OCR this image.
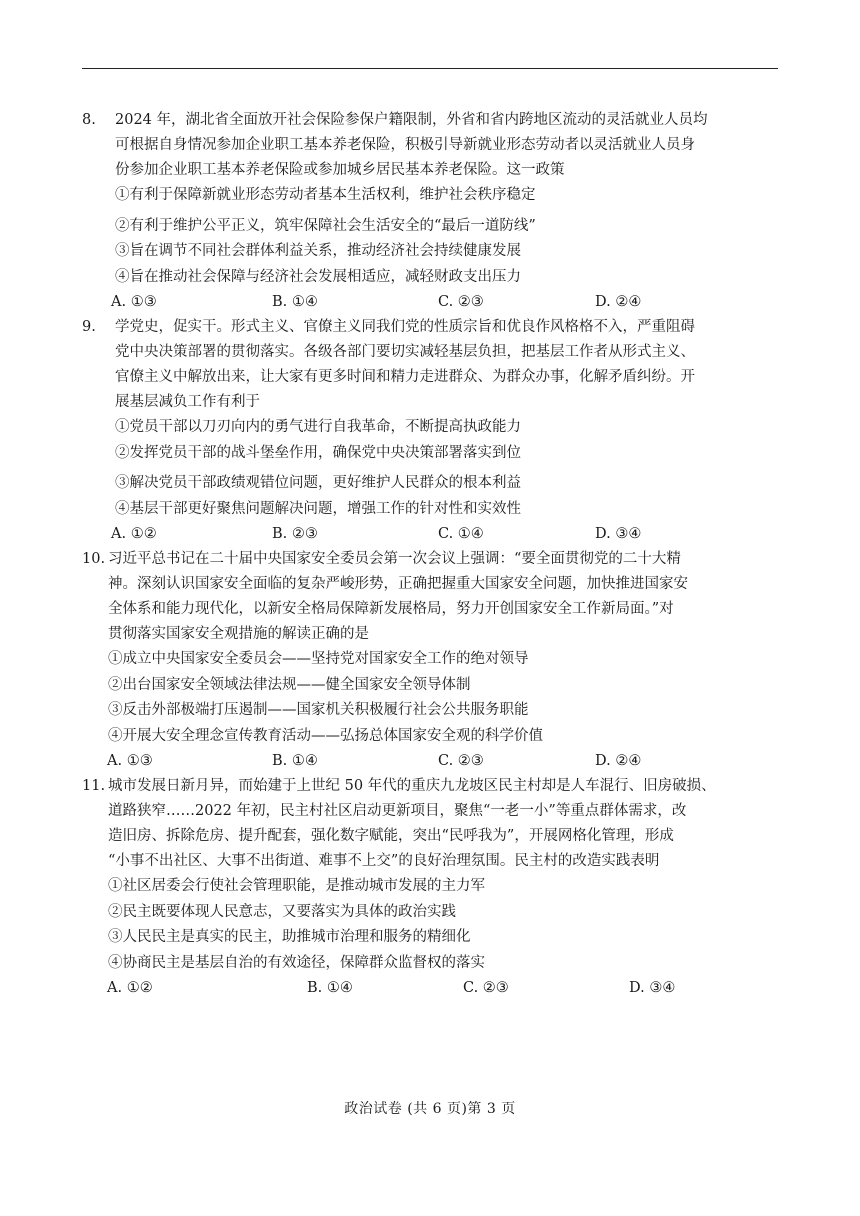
8. 2024 年，湖北省全面放开社会保险参保户籍限制，外省和省内跨地区流动的灵活就业人员均

可根据自身情况参加企业职工基本养老保险，积极引导新就业形态劳动者以灵活就业人员身

份参加企业职工基本养老保险或参加城乡居民基本养老保险。这一政策

①有利于保障新就业形态劳动者基本生活权利，维护社会秩序稳定

②有利于维护公平正义，筑牢保障社会生活安全的“最后一道防线”

③旨在调节不同社会群体利益关系，推动经济社会持续健康发展

④旨在推动社会保障与经济社会发展相适应，减轻财政支出压力

A. ①③	B. ①④	C. ②③	D. ②④
9. 学党史，促实干。形式主义、官僚主义同我们党的性质宗旨和优良作风格格不入，严重阻碍

党中央决策部署的贯彻落实。各级各部门要切实减轻基层负担，把基层工作者从形式主义、

官僚主义中解放出来，让大家有更多时间和精力走进群众、为群众办事，化解矛盾纠纷。开

展基层减负工作有利于

①党员干部以刀刃向内的勇气进行自我革命，不断提高执政能力

②发挥党员干部的战斗堡垒作用，确保党中央决策部署落实到位

③解决党员干部政绩观错位问题，更好维护人民群众的根本利益

④基层干部更好聚焦问题解决问题，增强工作的针对性和实效性

A. ①②	B. ②③	C. ①④	D. ③④
10. 习近平总书记在二十届中央国家安全委员会第一次会议上强调：“要全面贯彻党的二十大精

神。深刻认识国家安全面临的复杂严峻形势，正确把握重大国家安全问题，加快推进国家安

全体系和能力现代化，以新安全格局保障新发展格局，努力开创国家安全工作新局面。”对

贯彻落实国家安全观措施的解读正确的是

①成立中央国家安全委员会——坚持党对国家安全工作的绝对领导

②出台国家安全领域法律法规——健全国家安全领导体制

③反击外部极端打压遏制——国家机关积极履行社会公共服务职能

④开展大安全理念宣传教育活动——弘扬总体国家安全观的科学价值

A. ①③	B. ①④	C. ②③	D. ②④
11. 城市发展日新月异，而始建于上世纪 50 年代的重庆九龙坡区民主村却是人车混行、旧房破损、

道路狭窄……2022 年初，民主村社区启动更新项目，聚焦“一老一小”等重点群体需求，改

造旧房、拆除危房、提升配套，强化数字赋能，突出“民呼我为”，开展网格化管理，形成

“小事不出社区、大事不出街道、难事不上交”的良好治理氛围。民主村的改造实践表明

①社区居委会行使社会管理职能，是推动城市发展的主力军

②民主既要体现人民意志，又要落实为具体的政治实践

③人民民主是真实的民主，助推城市治理和服务的精细化

④协商民主是基层自治的有效途径，保障群众监督权的落实

A. ①②	B. ①④	C. ②③	D. ③④
政治试卷 (共 6 页)第 3 页
